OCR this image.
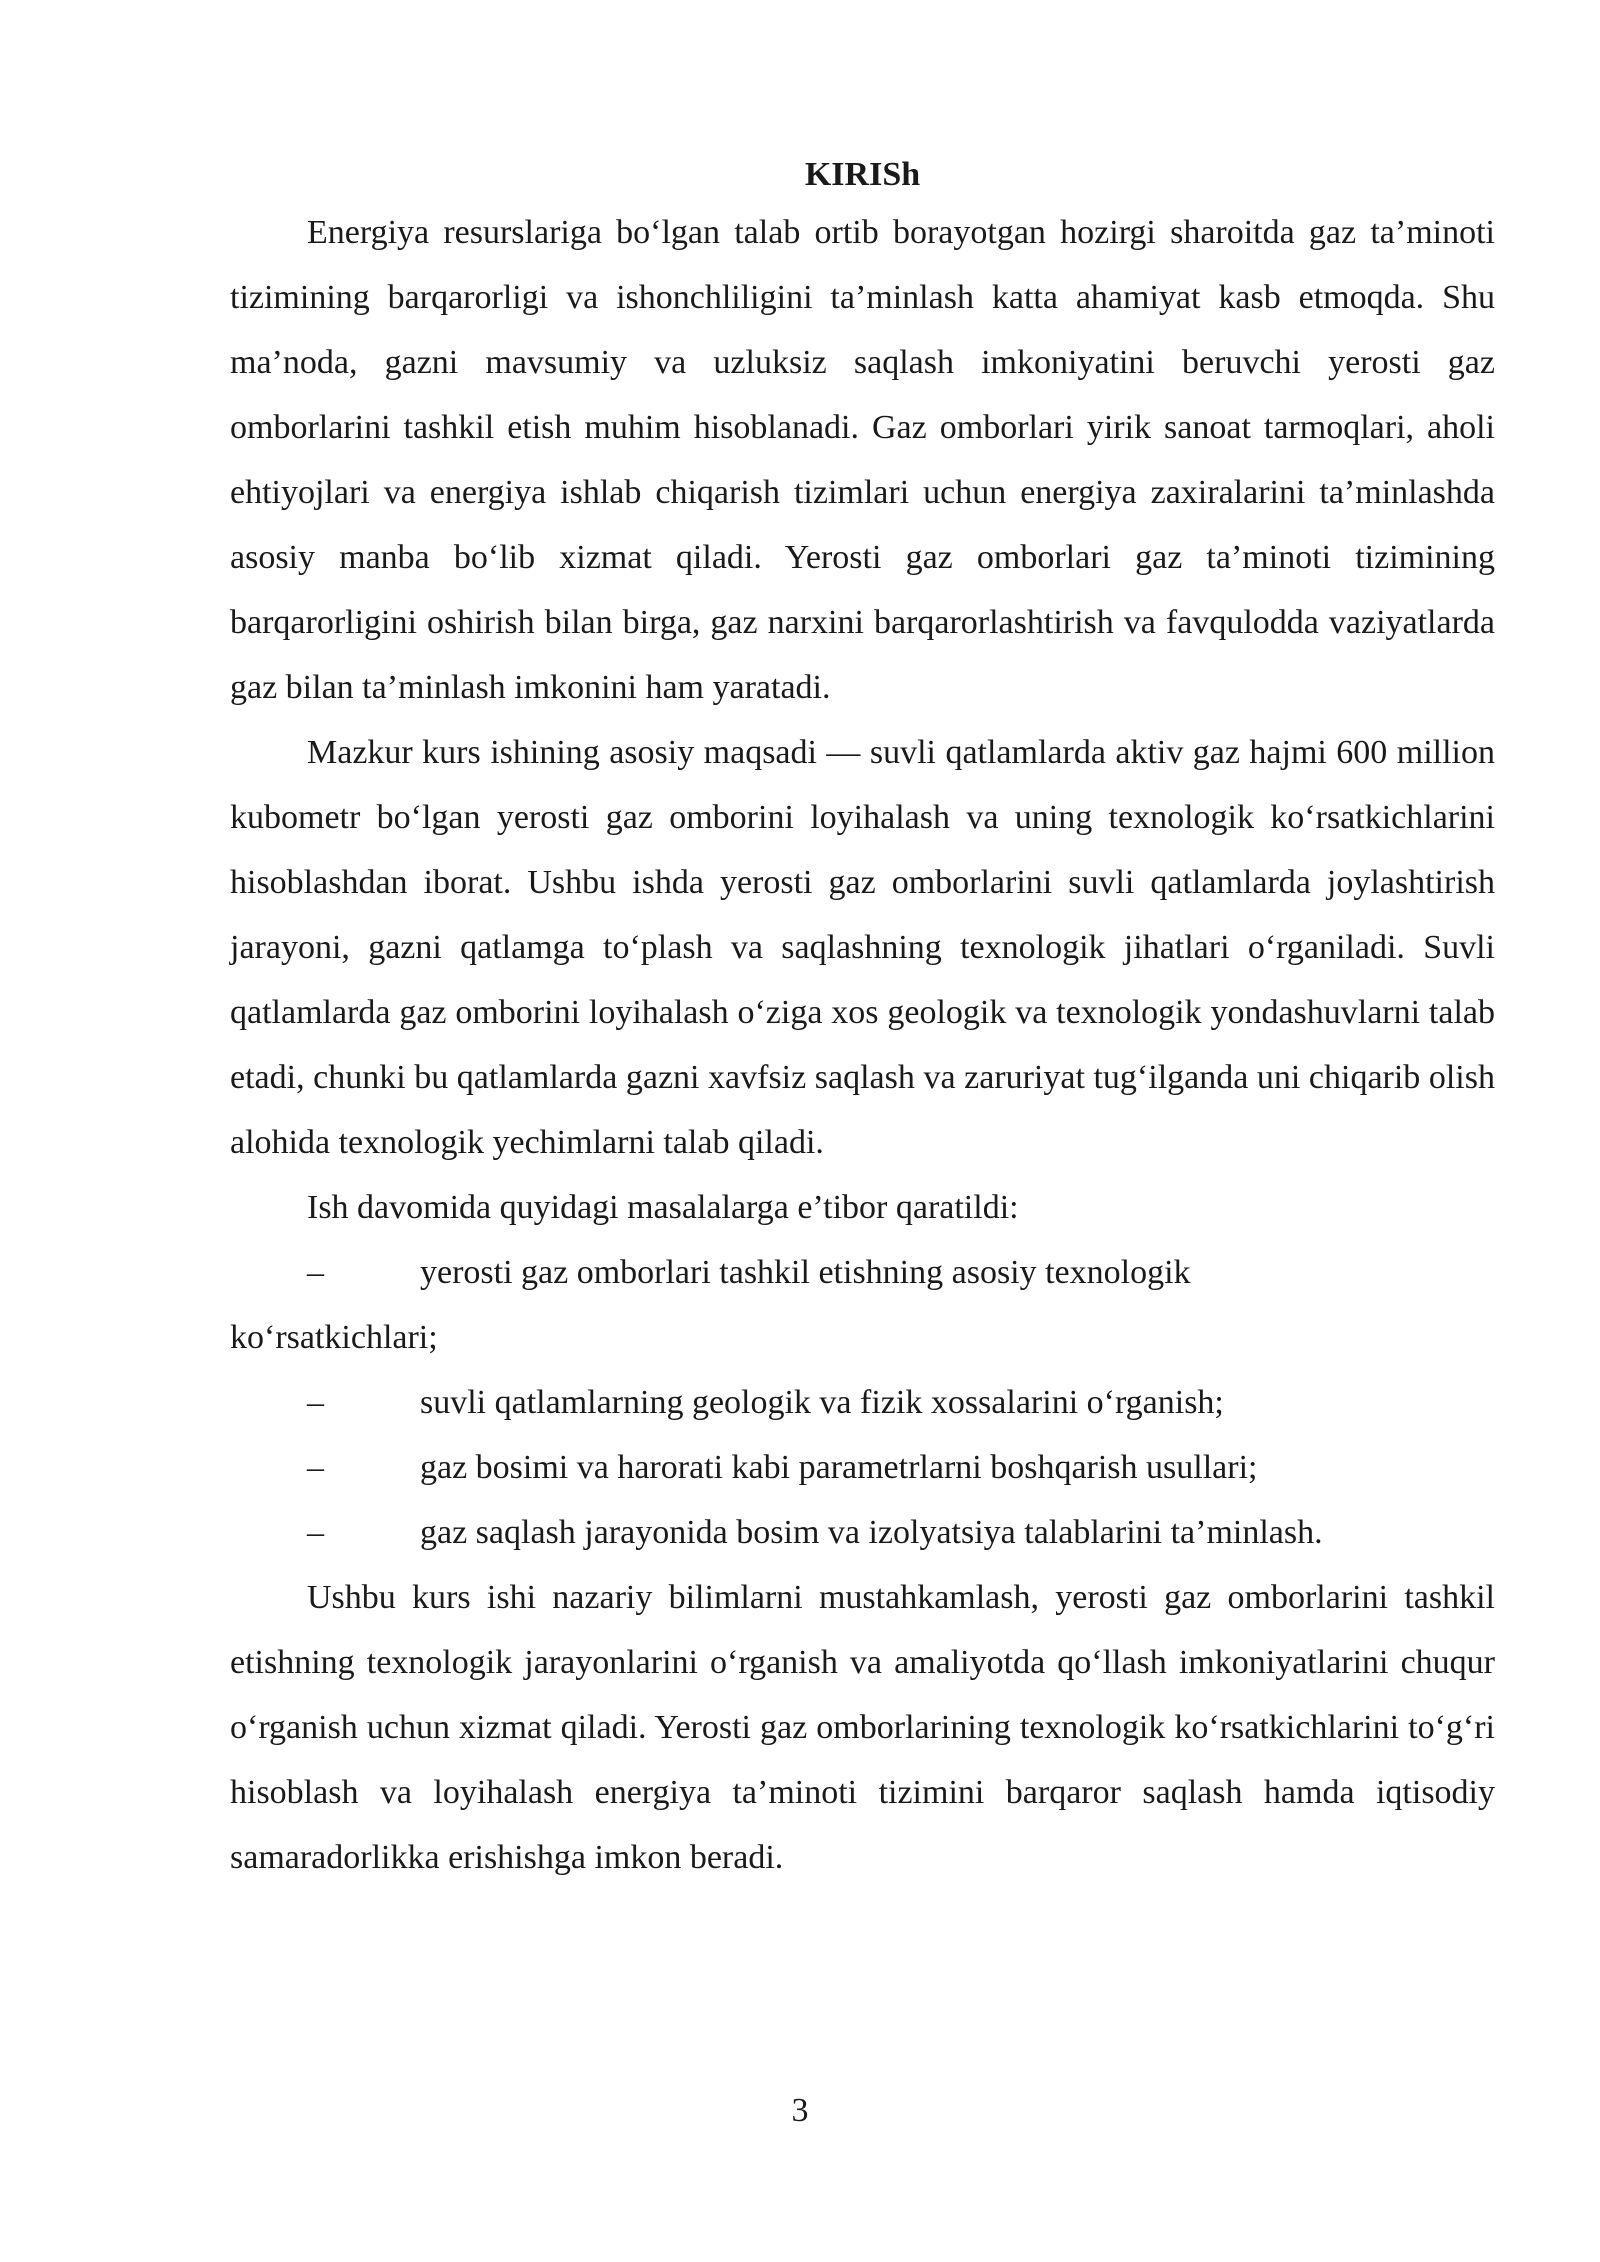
KIRISh

Energiya resurslariga bo‘lgan talab ortib borayotgan hozirgi sharoitda gaz ta’minoti tizimining barqarorligi va ishonchliligini ta’minlash katta ahamiyat kasb etmoqda. Shu ma’noda, gazni mavsumiy va uzluksiz saqlash imkoniyatini beruvchi yerosti gaz omborlarini tashkil etish muhim hisoblanadi. Gaz omborlari yirik sanoat tarmoqlari, aholi ehtiyojlari va energiya ishlab chiqarish tizimlari uchun energiya zaxiralarini ta’minlashda asosiy manba bo‘lib xizmat qiladi. Yerosti gaz omborlari gaz ta’minoti tizimining barqarorligini oshirish bilan birga, gaz narxini barqarorlashtirish va favqulodda vaziyatlarda gaz bilan ta’minlash imkonini ham yaratadi.

Mazkur kurs ishining asosiy maqsadi — suvli qatlamlarda aktiv gaz hajmi 600 million kubometr bo‘lgan yerosti gaz omborini loyihalash va uning texnologik ko‘rsatkichlarini hisoblashdan iborat. Ushbu ishda yerosti gaz omborlarini suvli qatlamlarda joylashtirish jarayoni, gazni qatlamga to‘plash va saqlashning texnologik jihatlari o‘rganiladi. Suvli qatlamlarda gaz omborini loyihalash o‘ziga xos geologik va texnologik yondashuvlarni talab etadi, chunki bu qatlamlarda gazni xavfsiz saqlash va zaruriyat tug‘ilganda uni chiqarib olish alohida texnologik yechimlarni talab qiladi.

Ish davomida quyidagi masalalarga e’tibor qaratildi:

–	yerosti gaz omborlari tashkil etishning asosiy texnologik
ko‘rsatkichlari;
–	suvli qatlamlarning geologik va fizik xossalarini o‘rganish;
–	gaz bosimi va harorati kabi parametrlarni boshqarish usullari;
–	gaz saqlash jarayonida bosim va izolyatsiya talablarini ta’minlash.

Ushbu kurs ishi nazariy bilimlarni mustahkamlash, yerosti gaz omborlarini tashkil etishning texnologik jarayonlarini o‘rganish va amaliyotda qo‘llash imkoniyatlarini chuqur o‘rganish uchun xizmat qiladi. Yerosti gaz omborlarining texnologik ko‘rsatkichlarini to‘g‘ri hisoblash va loyihalash energiya ta’minoti tizimini barqaror saqlash hamda iqtisodiy samaradorlikka erishishga imkon beradi.

3
